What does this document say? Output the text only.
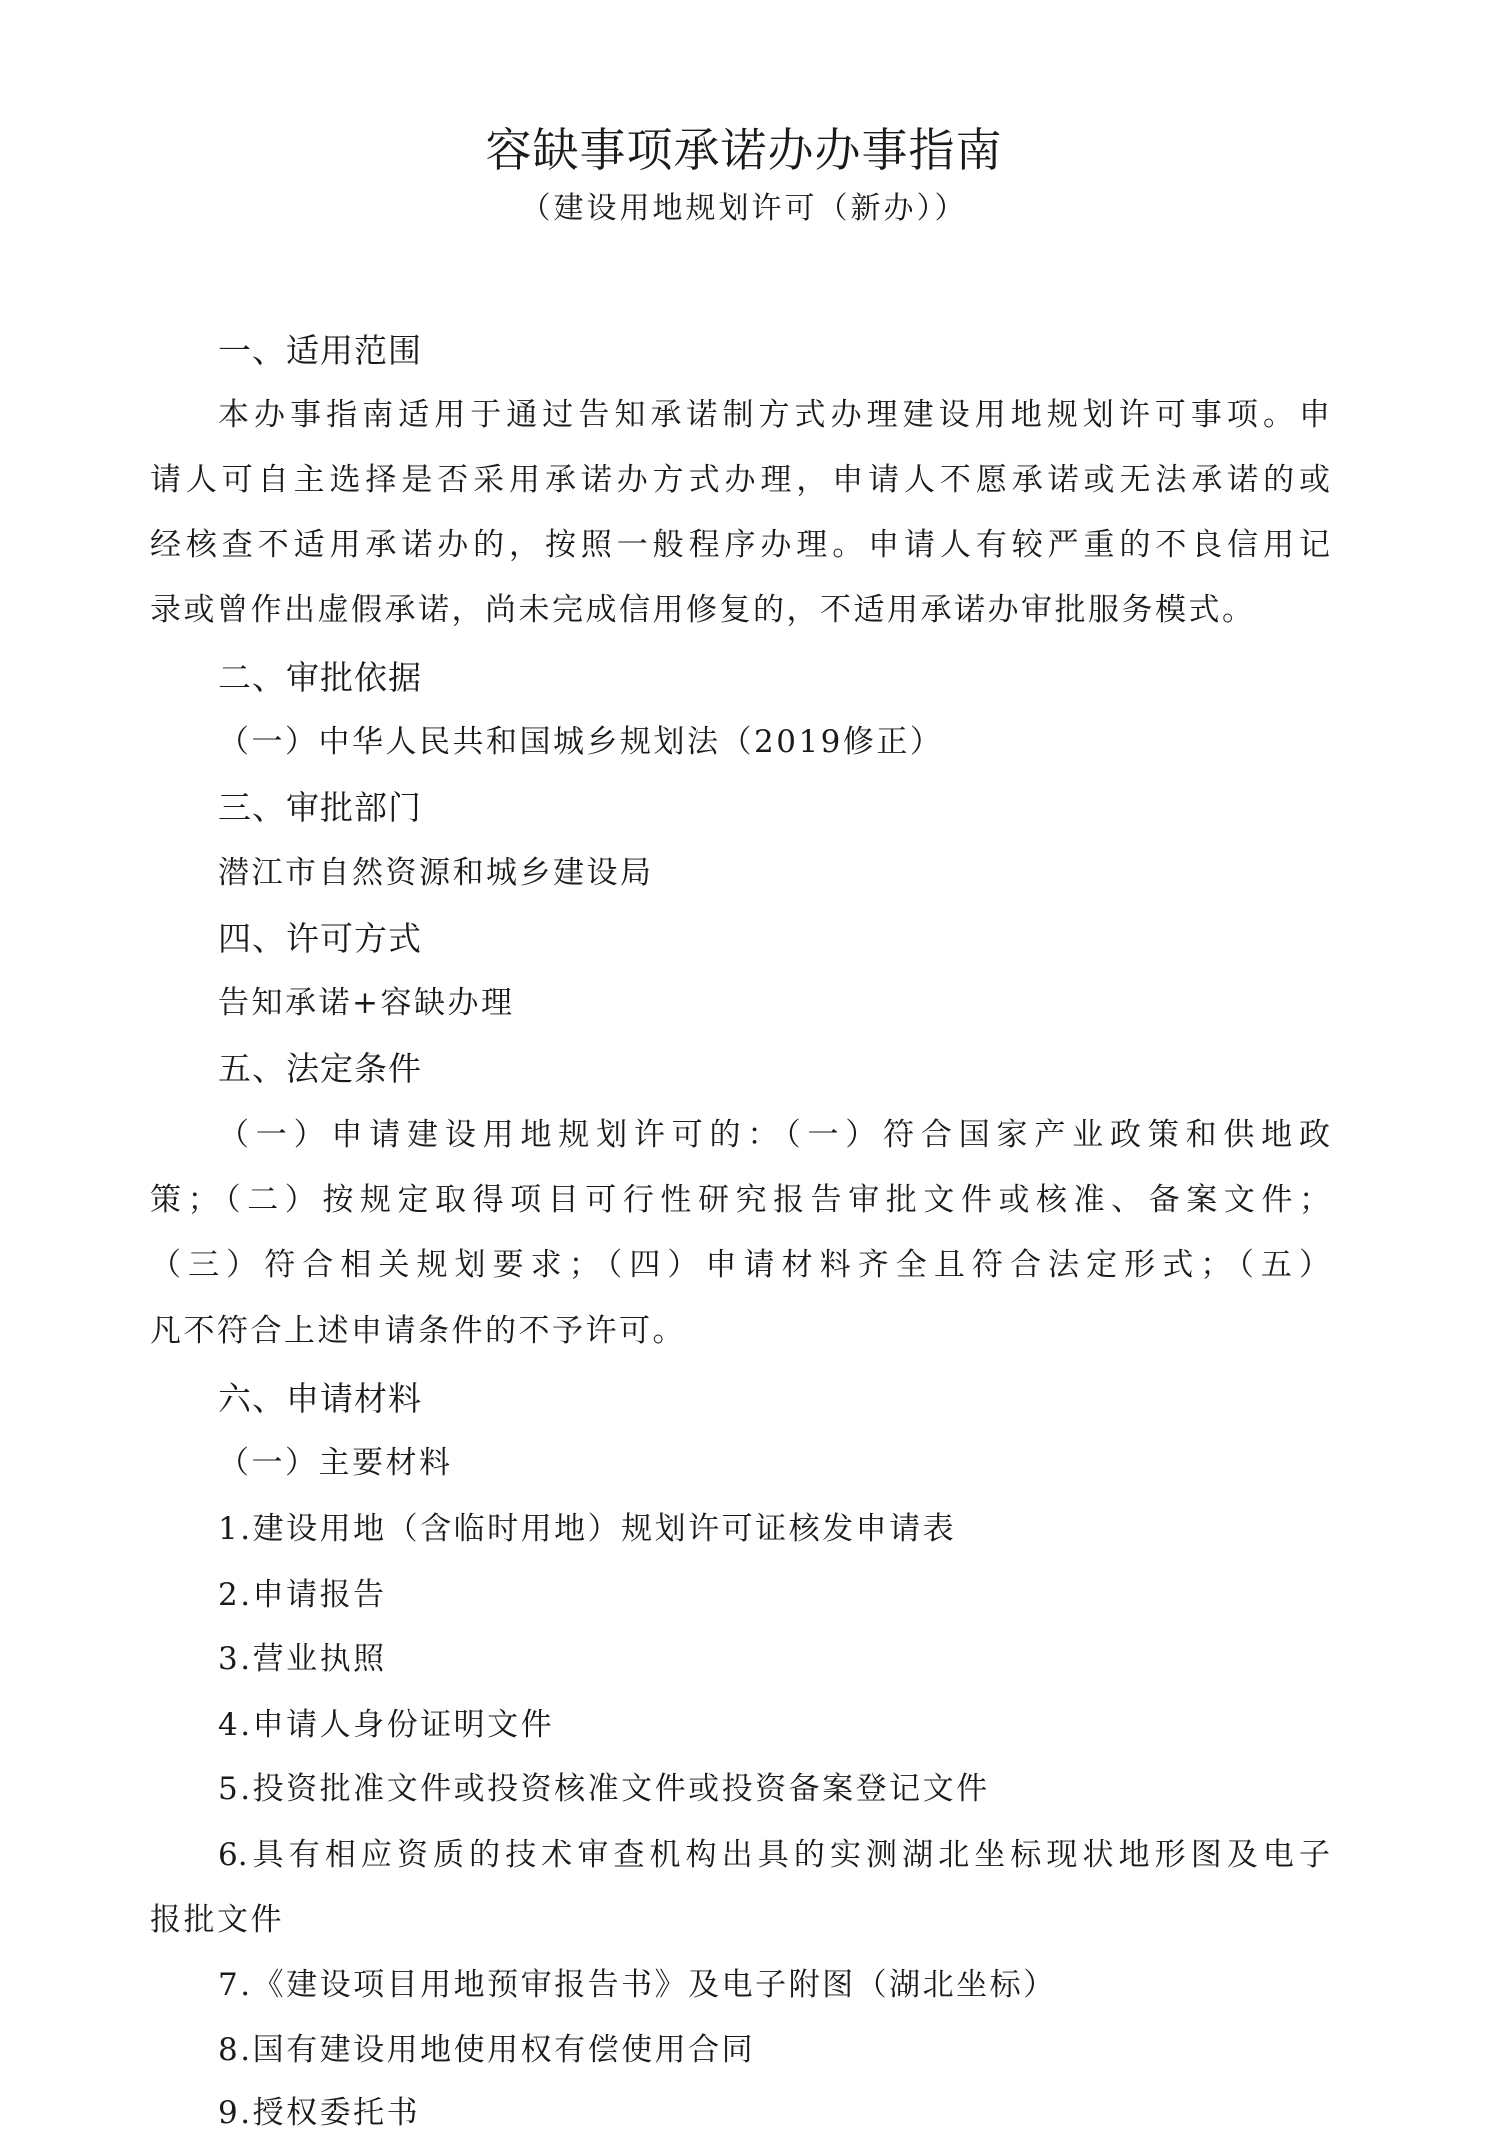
容缺事项承诺办办事指南
（建设用地规划许可（新办））
一、适用范围
本办事指南适用于通过告知承诺制方式办理建设用地规划许可事项。申
请人可自主选择是否采用承诺办方式办理，申请人不愿承诺或无法承诺的或
经核查不适用承诺办的，按照一般程序办理。申请人有较严重的不良信用记
录或曾作出虚假承诺，尚未完成信用修复的，不适用承诺办审批服务模式。
二、审批依据
（一）中华人民共和国城乡规划法（2019修正）
三、审批部门
潜江市自然资源和城乡建设局
四、许可方式
告知承诺+容缺办理
五、法定条件
（一）申请建设用地规划许可的：（一）符合国家产业政策和供地政
策；（二）按规定取得项目可行性研究报告审批文件或核准、备案文件；
（三）符合相关规划要求；（四）申请材料齐全且符合法定形式；（五）
凡不符合上述申请条件的不予许可。
六、申请材料
（一）主要材料
1.建设用地（含临时用地）规划许可证核发申请表
2.申请报告
3.营业执照
4.申请人身份证明文件
5.投资批准文件或投资核准文件或投资备案登记文件
6.具有相应资质的技术审查机构出具的实测湖北坐标现状地形图及电子
报批文件
7.《建设项目用地预审报告书》及电子附图（湖北坐标）
8.国有建设用地使用权有偿使用合同
9.授权委托书
